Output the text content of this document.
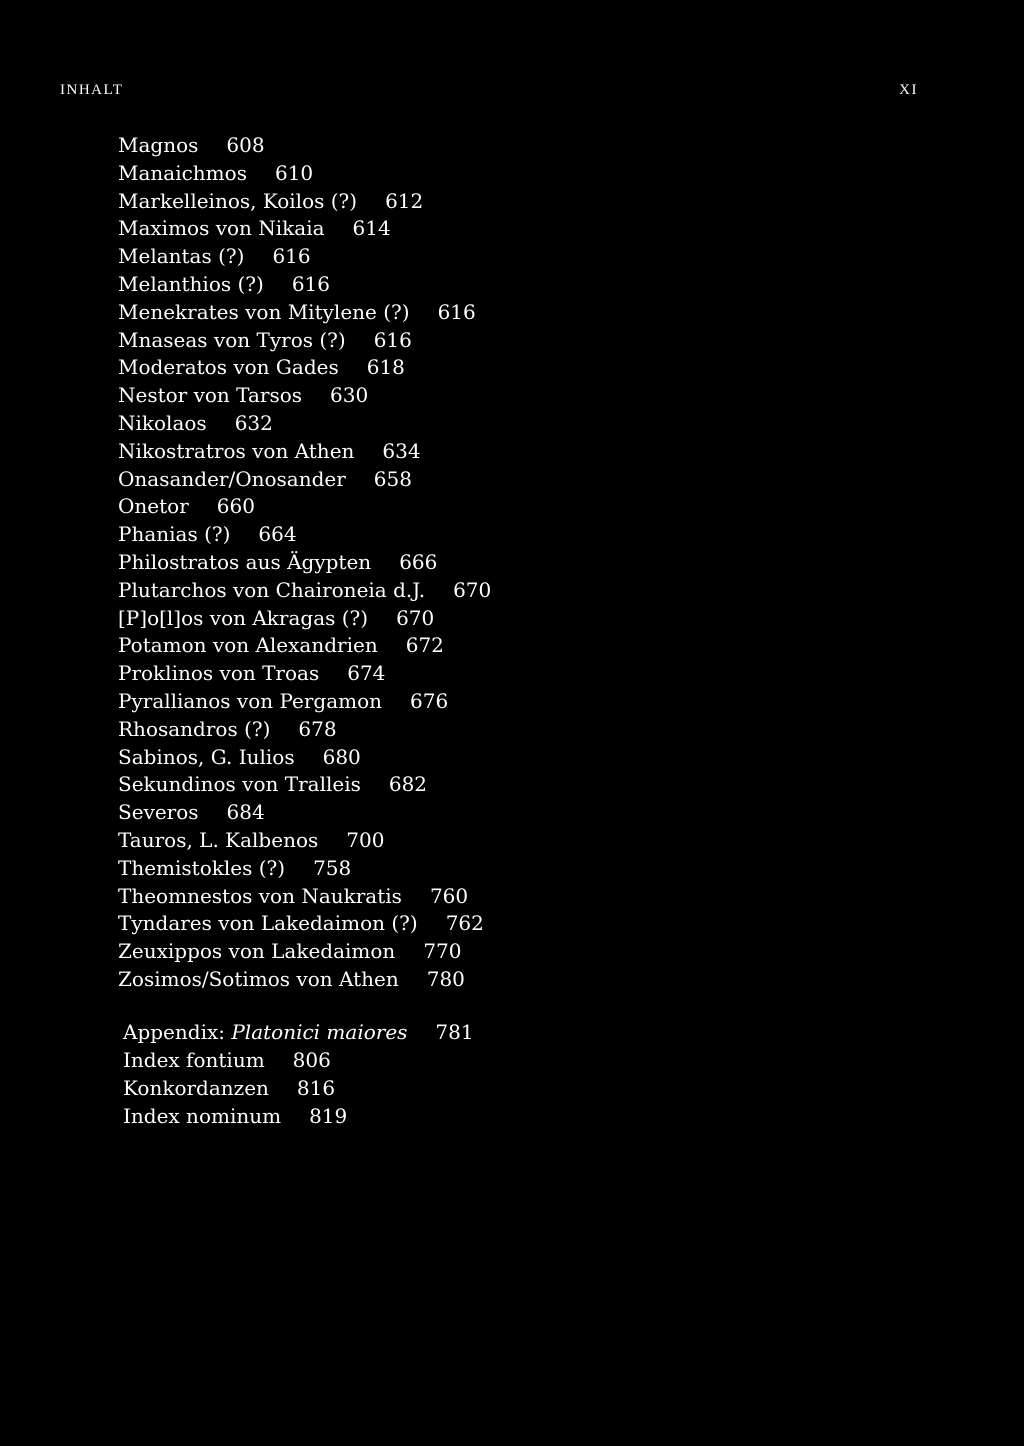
INHALT	XI
Magnos 608
Manaichmos 610
Markelleinos, Koilos (?) 612
Maximos von Nikaia 614
Melantas (?) 616
Melanthios (?) 616
Menekrates von Mitylene (?) 616
Mnaseas von Tyros (?) 616
Moderatos von Gades 618
Nestor von Tarsos 630
Nikolaos 632
Nikostratros von Athen 634
Onasander/Onosander 658
Onetor 660
Phanias (?) 664
Philostratos aus Ägypten 666
Plutarchos von Chaironeia d.J. 670
[P]o[l]os von Akragas (?) 670
Potamon von Alexandrien 672
Proklinos von Troas 674
Pyrallianos von Pergamon 676
Rhosandros (?) 678
Sabinos, G. Iulios 680
Sekundinos von Tralleis 682
Severos 684
Tauros, L. Kalbenos 700
Themistokles (?) 758
Theomnestos von Naukratis 760
Tyndares von Lakedaimon (?) 762
Zeuxippos von Lakedaimon 770
Zosimos/Sotimos von Athen 780
Appendix: Platonici maiores 781
Index fontium 806
Konkordanzen 816
Index nominum 819
